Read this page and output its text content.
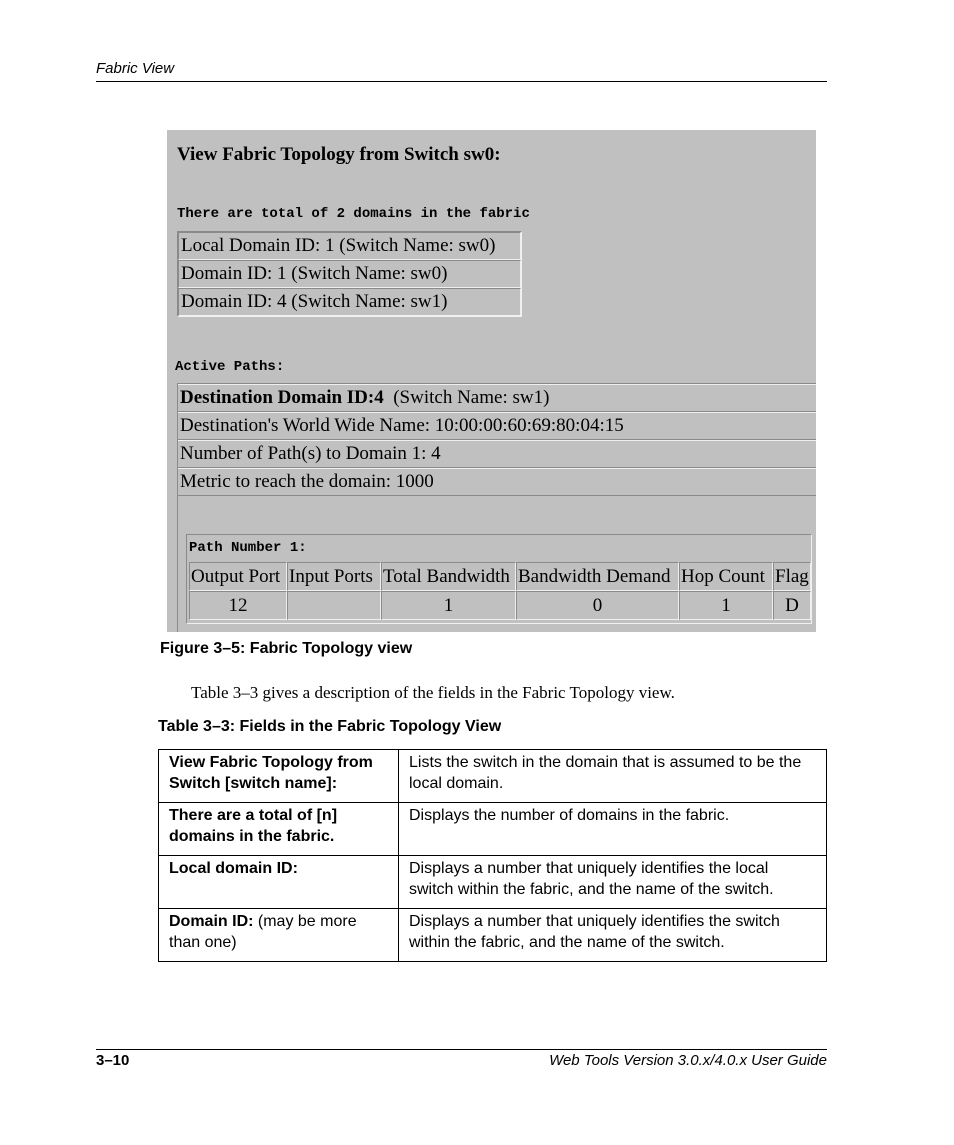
Fabric View
View Fabric Topology from Switch sw0:
There are total of 2 domains in the fabric
Local Domain ID: 1 (Switch Name: sw0)
Domain ID: 1 (Switch Name: sw0)
Domain ID: 4 (Switch Name: sw1)
Active Paths:
Destination Domain ID:4  (Switch Name: sw1)
Destination's World Wide Name: 10:00:00:60:69:80:04:15
Number of Path(s) to Domain 1: 4
Metric to reach the domain: 1000
Path Number 1:
Output Port	Input Ports	Total Bandwidth	Bandwidth Demand	Hop Count	Flag
12		1	0	1	D
Figure 3–5: Fabric Topology view
Table 3–3 gives a description of the fields in the Fabric Topology view.
Table 3–3: Fields in the Fabric Topology View
View Fabric Topology from Switch [switch name]:	Lists the switch in the domain that is assumed to be the local domain.
There are a total of [n] domains in the fabric.	Displays the number of domains in the fabric.
Local domain ID:	Displays a number that uniquely identifies the local switch within the fabric, and the name of the switch.
Domain ID: (may be more than one)	Displays a number that uniquely identifies the switch within the fabric, and the name of the switch.
3–10	Web Tools Version 3.0.x/4.0.x User Guide
